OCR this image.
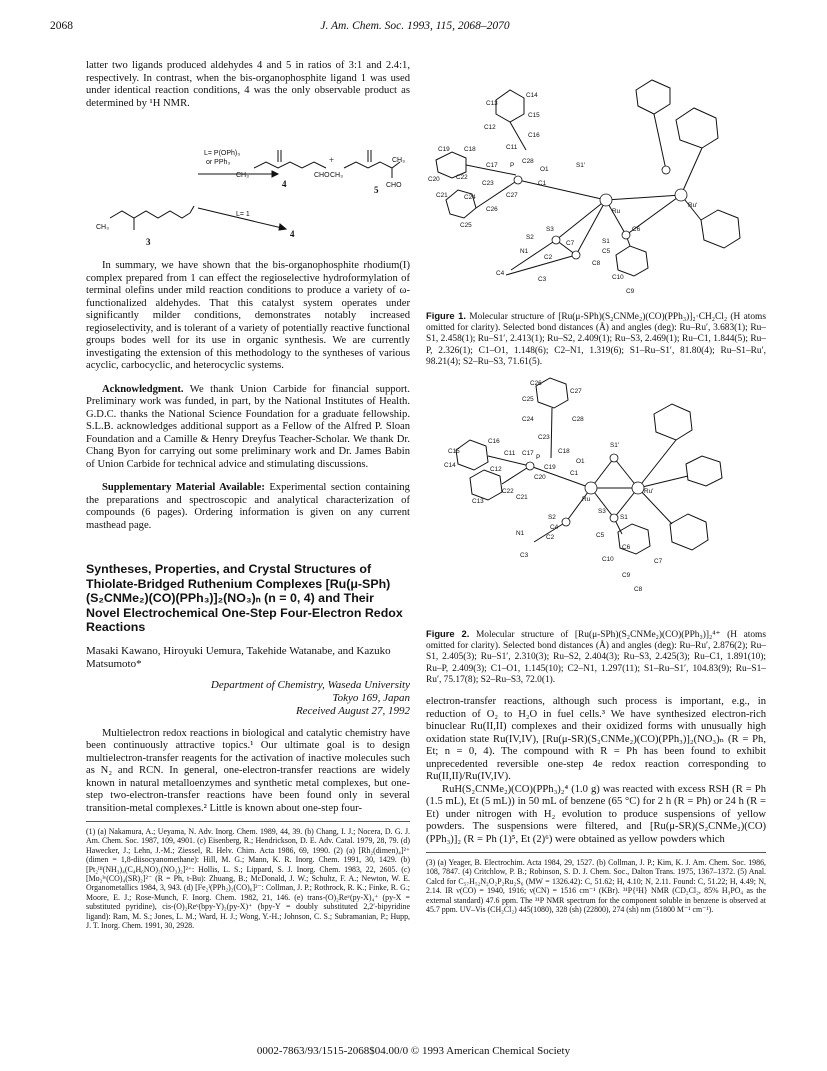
2068	J. Am. Chem. Soc. 1993, 115, 2068–2070

latter two ligands produced aldehydes 4 and 5 in ratios of 3:1 and 2.4:1, respectively. In contrast, when the bis-organophosphite ligand 1 was used under identical reaction conditions, 4 was the only observable product as determined by ¹H NMR.

L= P(OPh)₃
or PPh₃
L= 1
CH₃	CHO CH₃
CH₃
CHO
CH₃
+
3
4
5
4

In summary, we have shown that the bis-organophosphite rhodium(I) complex prepared from 1 can effect the regioselective hydroformylation of terminal olefins under mild reaction conditions to produce a variety of ω-functionalized aldehydes. That this catalyst system operates under significantly milder conditions, demonstrates notably increased regioselectivity, and is tolerant of a variety of potentially reactive functional groups bodes well for its use in organic synthesis. We are currently investigating the extension of this methodology to the syntheses of various acyclic, carbocyclic, and heterocyclic systems.

Acknowledgment. We thank Union Carbide for financial support. Preliminary work was funded, in part, by the National Institutes of Health. G.D.C. thanks the National Science Foundation for a graduate fellowship. S.L.B. acknowledges additional support as a Fellow of the Alfred P. Sloan Foundation and a Camille & Henry Dreyfus Teacher-Scholar. We thank Dr. Chang Byon for carrying out some preliminary work and Dr. James Babin of Union Carbide for technical advice and stimulating discussions.

Supplementary Material Available: Experimental section containing the preparations and spectroscopic and analytical characterization of compounds (6 pages). Ordering information is given on any current masthead page.

Syntheses, Properties, and Crystal Structures of Thiolate-Bridged Ruthenium Complexes [Ru(μ-SPh)(S₂CNMe₂)(CO)(PPh₃)]₂(NO₃)ₙ (n = 0, 4) and Their Novel Electrochemical One-Step Four-Electron Redox Reactions
Masaki Kawano, Hiroyuki Uemura, Takehide Watanabe, and Kazuko Matsumoto*
Department of Chemistry, Waseda University
Tokyo 169, Japan
Received August 27, 1992

Multielectron redox reactions in biological and catalytic chemistry have been continuously attractive topics.¹ Our ultimate goal is to design multielectron-transfer reagents for the activation of inactive molecules such as N₂ and RCN. In general, one-electron-transfer reactions are widely known in natural metalloenzymes and synthetic metal complexes, but one-step two-electron-transfer reactions have been found only in several transition-metal complexes.² Little is known about one-step four-

(1) (a) Nakamura, A.; Ueyama, N. Adv. Inorg. Chem. 1989, 44, 39. (b) Chang, I. J.; Nocera, D. G. J. Am. Chem. Soc. 1987, 109, 4901. (c) Eisenberg, R.; Hendrickson, D. E. Adv. Catal. 1979, 28, 79. (d) Hawecker, J.; Lehn, J.-M.; Ziessel, R. Helv. Chim. Acta 1986, 69, 1990. (2) (a) [Rh₂(dimen)₄]²⁺ (dimen = 1,8-diisocyanomethane): Hill, M. G.; Mann, K. R. Inorg. Chem. 1991, 30, 1429. (b) [Pt₂ᴵᴵᴵ(NH₃)₄(C₄H₆NO)₂(NO₃)₂]²⁺: Hollis, L. S.; Lippard, S. J. Inorg. Chem. 1983, 22, 2605. (c) [Mo₂ᴵᵛ(CO)₄(SR)₂]²⁻ (R = Ph, t-Bu): Zhuang, B.; McDonald, J. W.; Schultz, F. A.; Newton, W. E. Organometallics 1984, 3, 943. (d) [Fe₂ᴵ(PPh₂)₂(CO)₆]²⁻: Collman, J. P.; Rothrock, R. K.; Finke, R. G.; Moore, E. J.; Rose-Munch, F. Inorg. Chem. 1982, 21, 146. (e) trans-(O)₂Reᵛ(py-X)₄⁺ (py-X = substituted pyridine), cis-(O)₂Reᵛ(bpy-Y)₂(py-X)⁺ (bpy-Y = doubly substituted 2,2′-bipyridine ligand): Ram, M. S.; Jones, L. M.; Ward, H. J.; Wong, Y.-H.; Johnson, C. S.; Subramanian, P.; Hupp, J. T. Inorg. Chem. 1991, 30, 2928.
C14
C13
C15
C12
C16
C11
C19 C18
C17 P
C28
O1
S1′
C20	C22
C23	C1
C21	C24	C27
Ru
Ru′
C26
C25
C6
S2
S3
C7	S1
C5
N1
C2
C8
C10
C4
C3
C9

Figure 1. Molecular structure of [Ru(μ-SPh)(S₂CNMe₂)(CO)(PPh₃)]₂·CH₂Cl₂ (H atoms omitted for clarity). Selected bond distances (Å) and angles (deg): Ru–Ru′, 3.683(1); Ru–S1, 2.458(1); Ru–S1′, 2.413(1); Ru–S2, 2.409(1); Ru–S3, 2.469(1); Ru–C1, 1.844(5); Ru–P, 2.326(1); C1–O1, 1.148(6); C2–N1, 1.319(6); S1–Ru–S1′, 81.80(4); Ru–S1–Ru′, 98.21(4); S2–Ru–S3, 71.61(5).

C26
C27
C25
C24	C28
C23
C16
C18
S1′
C15	C11 C17
P
O1
C14
C12	C19
C1
C20
Ru
Ru′
C13
C22
C21
S3
S2	S1
N1
C4
C2	C5
C6
C3
C10	C7
C9
C8

Figure 2. Molecular structure of [Ru(μ-SPh)(S₂CNMe₂)(CO)(PPh₃)]₂⁴⁺ (H atoms omitted for clarity). Selected bond distances (Å) and angles (deg): Ru–Ru′, 2.876(2); Ru–S1, 2.405(3); Ru–S1′, 2.310(3); Ru–S2, 2.404(3); Ru–S3, 2.425(3); Ru–C1, 1.891(10); Ru–P, 2.409(3); C1–O1, 1.145(10); C2–N1, 1.297(11); S1–Ru–S1′, 104.83(9); Ru–S1–Ru′, 75.17(8); S2–Ru–S3, 72.0(1).

electron-transfer reactions, although such process is important, e.g., in reduction of O₂ to H₂O in fuel cells.³ We have synthesized electron-rich binuclear Ru(II,II) complexes and their oxidized forms with unusually high oxidation state Ru(IV,IV), [Ru(μ-SR)(S₂CNMe₂)(CO)(PPh₃)]₂(NO₃)ₙ (R = Ph, Et; n = 0, 4). The compound with R = Ph has been found to exhibit unprecedented reversible one-step 4e redox reaction corresponding to Ru(II,II)/Ru(IV,IV).

RuH(S₂CNMe₂)(CO)(PPh₃)₂⁴ (1.0 g) was reacted with excess RSH (R = Ph (1.5 mL), Et (5 mL)) in 50 mL of benzene (65 °C) for 2 h (R = Ph) or 24 h (R = Et) under nitrogen with H₂ evolution to produce suspensions of yellow powders. The suspensions were filtered, and [Ru(μ-SR)(S₂CNMe₂)(CO)(PPh₃)]₂ (R = Ph (1)⁵, Et (2)⁶) were obtained as yellow powders which

(3) (a) Yeager, B. Electrochim. Acta 1984, 29, 1527. (b) Collman, J. P.; Kim, K. J. Am. Chem. Soc. 1986, 108, 7847. (4) Critchlow, P. B.; Robinson, S. D. J. Chem. Soc., Dalton Trans. 1975, 1367–1372. (5) Anal. Calcd for C₅₇H₅₂N₂O₂P₂Ru₂S₆ (MW = 1326.42): C, 51.62; H, 4.10; N, 2.11. Found: C, 51.22; H, 4.49; N, 2.14. IR ν(CO) = 1940, 1916; ν(CN) = 1516 cm⁻¹ (KBr). ³¹P{¹H} NMR (CD₂Cl₂, 85% H₃PO₄ as the external standard) 47.6 ppm. The ³¹P NMR spectrum for the component soluble in benzene is observed at 45.7 ppm. UV–Vis (CH₂Cl₂) 445(1080), 328 (sh) (22800), 274 (sh) nm (51800 M⁻¹ cm⁻¹).
0002-7863/93/1515-2068$04.00/0 © 1993 American Chemical Society
